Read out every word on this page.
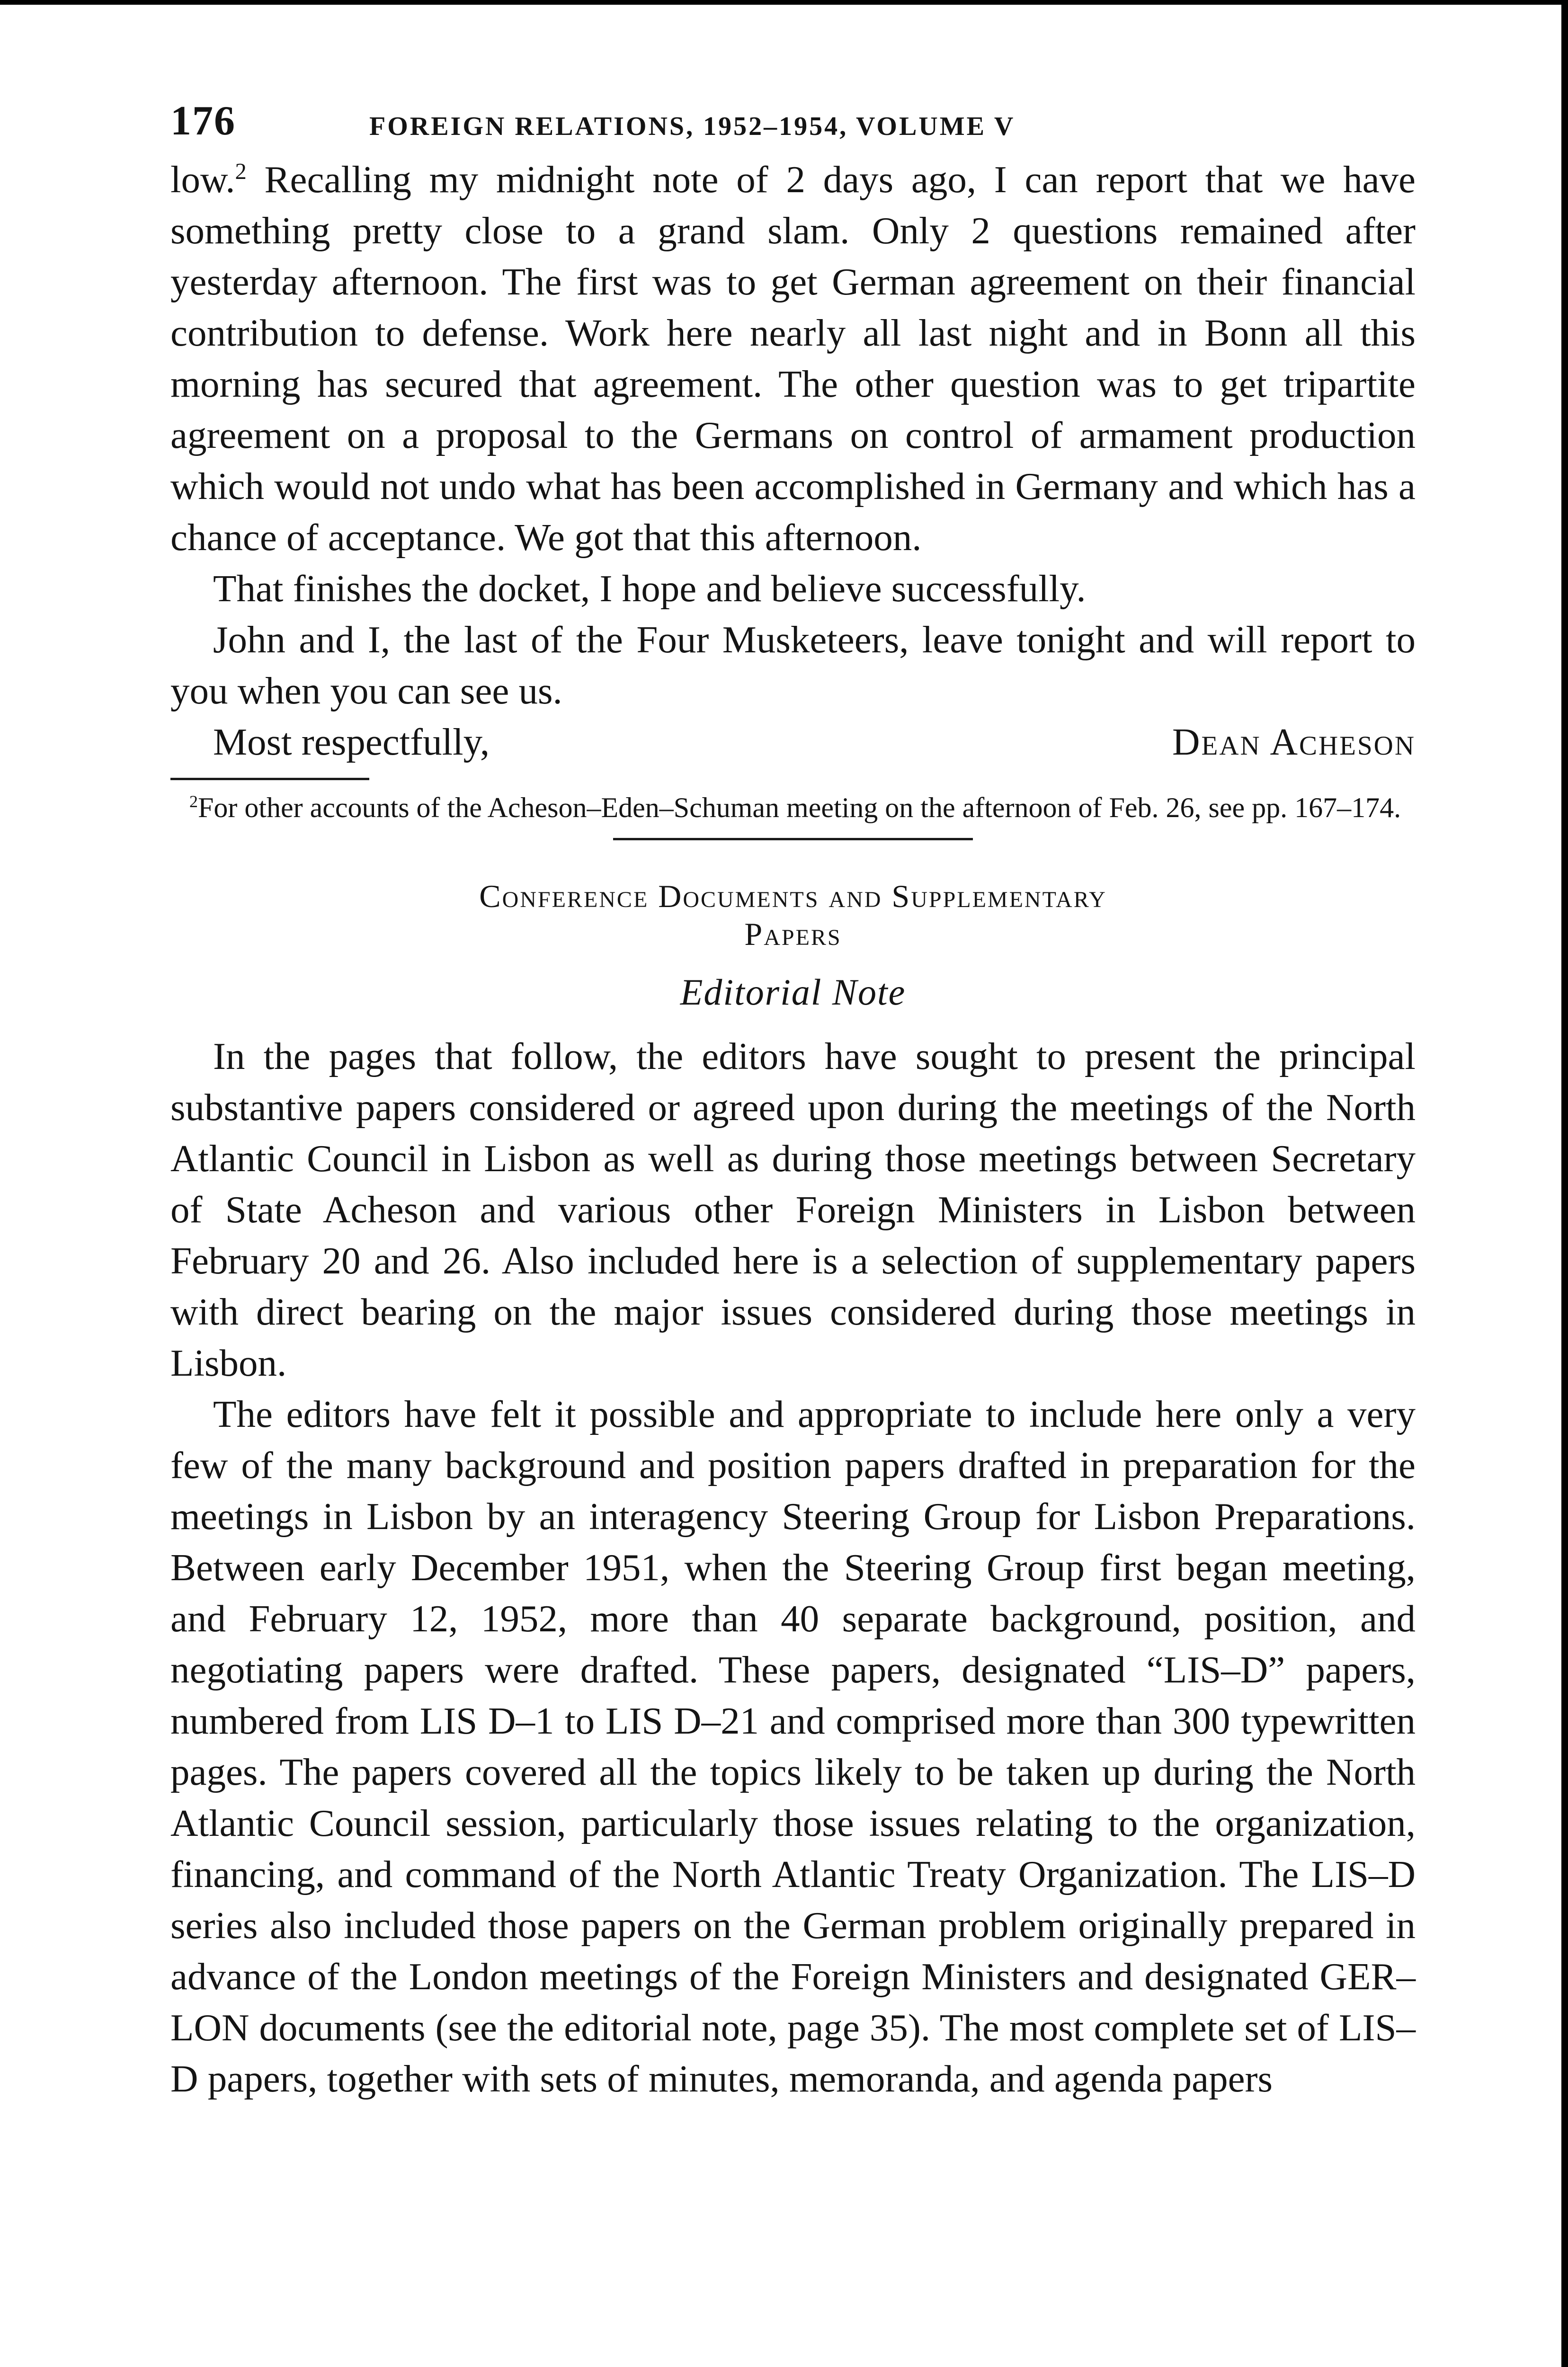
176	FOREIGN RELATIONS, 1952–1954, VOLUME V

low.$^2$ Recalling my midnight note of 2 days ago, I can report that we have something pretty close to a grand slam. Only 2 questions remained after yesterday afternoon. The first was to get German agreement on their financial contribution to defense. Work here nearly all last night and in Bonn all this morning has secured that agreement. The other question was to get tripartite agreement on a proposal to the Germans on control of armament production which would not undo what has been accomplished in Germany and which has a chance of acceptance. We got that this afternoon.

That finishes the docket, I hope and believe successfully.

John and I, the last of the Four Musketeers, leave tonight and will report to you when you can see us.

Most respectfully,	Dean Acheson

$^2$For other accounts of the Acheson–Eden–Schuman meeting on the afternoon of Feb. 26, see pp. 167–174.

Conference Documents and Supplementary
Papers
Editorial Note

In the pages that follow, the editors have sought to present the principal substantive papers considered or agreed upon during the meetings of the North Atlantic Council in Lisbon as well as during those meetings between Secretary of State Acheson and various other Foreign Ministers in Lisbon between February 20 and 26. Also included here is a selection of supplementary papers with direct bearing on the major issues considered during those meetings in Lisbon.

The editors have felt it possible and appropriate to include here only a very few of the many background and position papers drafted in preparation for the meetings in Lisbon by an interagency Steering Group for Lisbon Preparations. Between early December 1951, when the Steering Group first began meeting, and February 12, 1952, more than 40 separate background, position, and negotiating papers were drafted. These papers, designated “LIS–D” papers, numbered from LIS D–1 to LIS D–21 and comprised more than 300 typewritten pages. The papers covered all the topics likely to be taken up during the North Atlantic Council session, particularly those issues relating to the organization, financing, and command of the North Atlantic Treaty Organization. The LIS–D series also included those papers on the German problem originally prepared in advance of the London meetings of the Foreign Ministers and designated GER–LON documents (see the editorial note, page 35). The most complete set of LIS–D papers, together with sets of minutes, memoranda, and agenda papers
